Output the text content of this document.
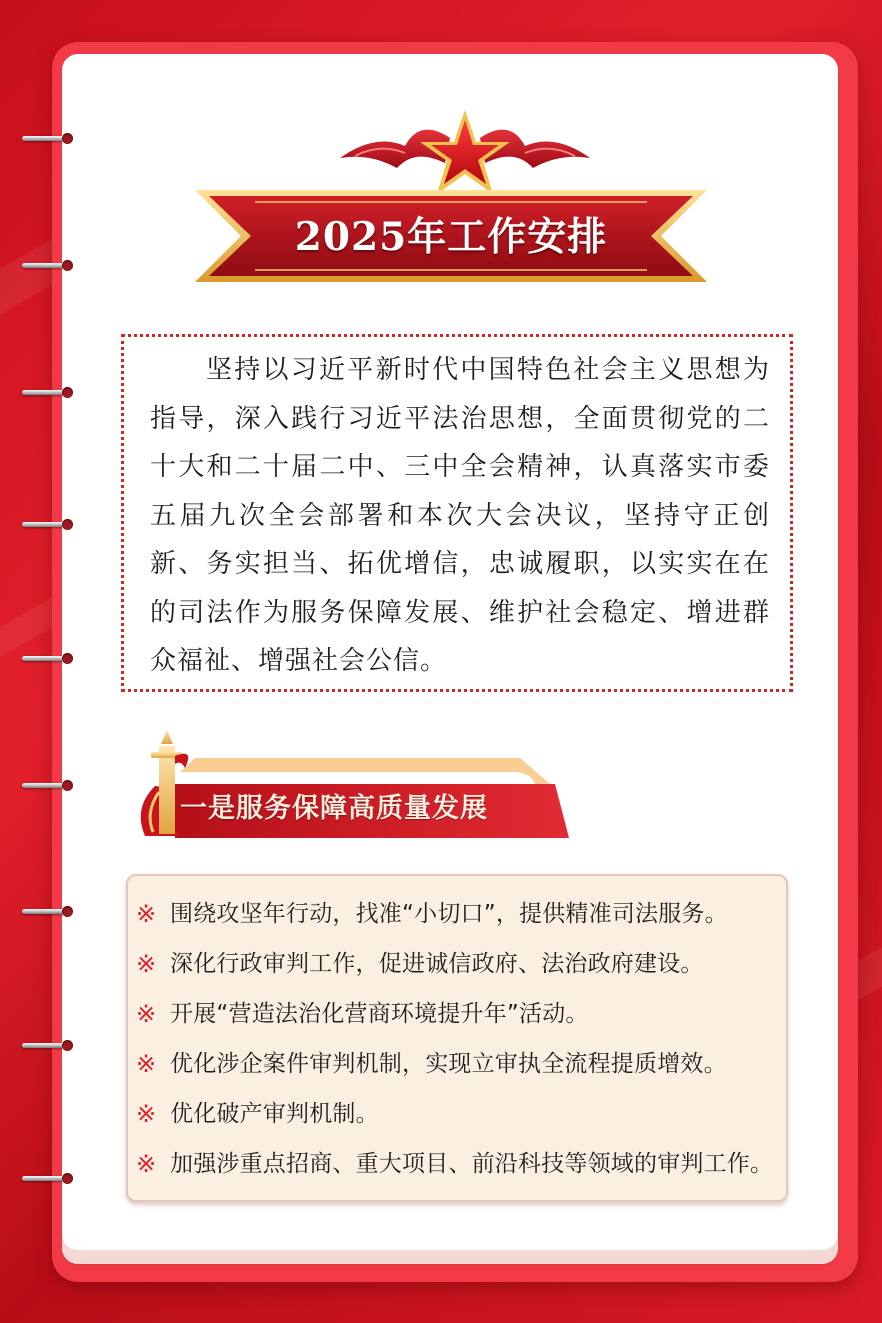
2025年工作安排

坚持以习近平新时代中国特色社会主义思想为指导，深入践行习近平法治思想，全面贯彻党的二十大和二十届二中、三中全会精神，认真落实市委五届九次全会部署和本次大会决议，坚持守正创新、务实担当、拓优增信，忠诚履职，以实实在在的司法作为服务保障发展、维护社会稳定、增进群众福祉、增强社会公信。

一是服务保障高质量发展
※ 围绕攻坚年行动，找准“小切口”，提供精准司法服务。
※ 深化行政审判工作，促进诚信政府、法治政府建设。
※ 开展“营造法治化营商环境提升年”活动。
※ 优化涉企案件审判机制，实现立审执全流程提质增效。
※ 优化破产审判机制。
※ 加强涉重点招商、重大项目、前沿科技等领域的审判工作。
